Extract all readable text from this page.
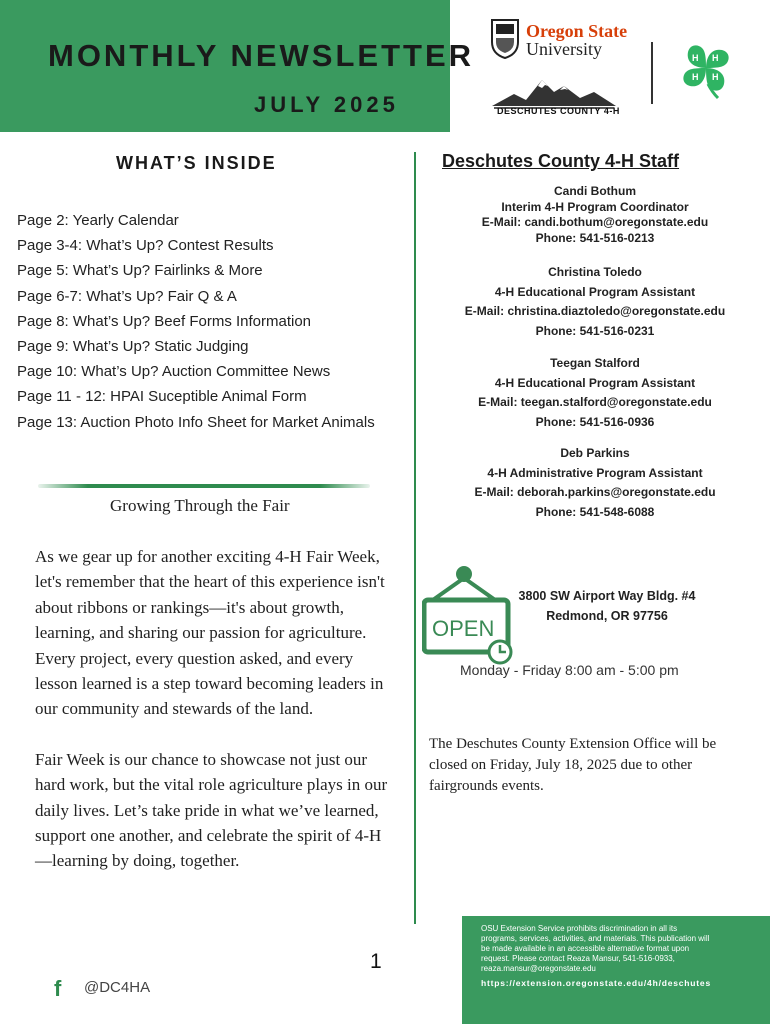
MONTHLY NEWSLETTER
JULY 2025
Oregon State
University
DESCHUTES COUNTY 4-H
H H
H
H
WHAT’S INSIDE
Page 2: Yearly Calendar
Page 3-4: What’s Up? Contest Results
Page 5: What’s Up? Fairlinks & More
Page 6-7: What’s Up? Fair Q & A
Page 8: What’s Up? Beef Forms Information
Page 9: What’s Up? Static Judging
Page 10: What’s Up? Auction Committee News
Page 11 - 12: HPAI Suceptible Animal Form
Page 13: Auction Photo Info Sheet for Market Animals
Growing Through the Fair

As we gear up for another exciting 4-H Fair Week, let's remember that the heart of this experience isn't about ribbons or rankings—it's about growth, learning, and sharing our passion for agriculture. Every project, every question asked, and every lesson learned is a step toward becoming leaders in our community and stewards of the land.

Fair Week is our chance to showcase not just our hard work, but the vital role agriculture plays in our daily lives. Let’s take pride in what we’ve learned, support one another, and celebrate the spirit of 4-H—learning by doing, together.

1
f @DC4HA
Deschutes County 4-H Staff
Candi Bothum
Interim 4-H Program Coordinator
E-Mail: candi.bothum@oregonstate.edu
Phone: 541-516-0213
Christina Toledo
4-H Educational Program Assistant
E-Mail: christina.diaztoledo@oregonstate.edu
Phone: 541-516-0231
Teegan Stalford
4-H Educational Program Assistant
E-Mail: teegan.stalford@oregonstate.edu
Phone: 541-516-0936
Deb Parkins
4-H Administrative Program Assistant
E-Mail: deborah.parkins@oregonstate.edu
Phone: 541-548-6088
OPEN
3800 SW Airport Way Bldg. #4
Redmond, OR 97756
Monday - Friday 8:00 am - 5:00 pm
The Deschutes County Extension Office will be closed on Friday, July 18, 2025 due to other fairgrounds events.
OSU Extension Service prohibits discrimination in all its programs, services, activities, and materials. This publication will be made available in an accessible alternative format upon request. Please contact Reaza Mansur, 541-516-0933, reaza.mansur@oregonstate.edu
https://extension.oregonstate.edu/4h/deschutes
